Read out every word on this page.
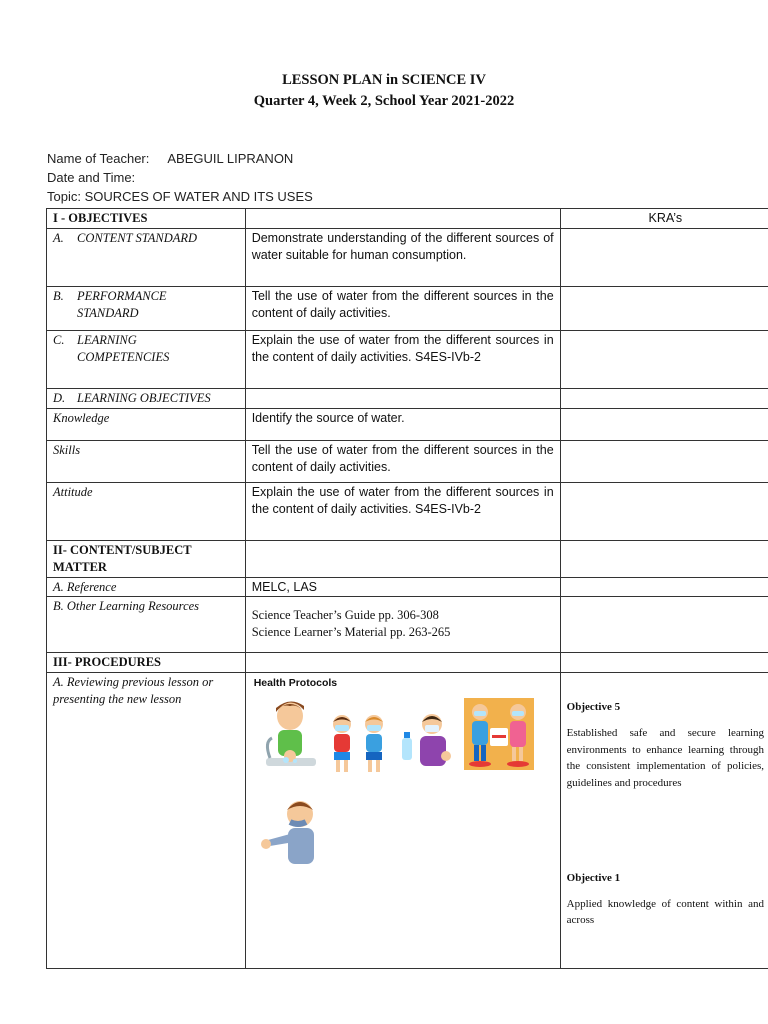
LESSON PLAN in SCIENCE IV
Quarter 4, Week 2, School Year 2021-2022
Name of Teacher: ABEGUIL LIPRANON
Date and Time:
Topic: SOURCES OF WATER AND ITS USES
I - OBJECTIVES		KRA’s
A. CONTENT STANDARD	Demonstrate understanding of the different sources of water suitable for human consumption.	
B. PERFORMANCE STANDARD	Tell the use of water from the different sources in the content of daily activities.	
C. LEARNING COMPETENCIES	Explain the use of water from the different sources in the content of daily activities. S4ES-IVb-2	
D. LEARNING OBJECTIVES		
Knowledge	Identify the source of water.	
Skills	Tell the use of water from the different sources in the content of daily activities.	
Attitude	Explain the use of water from the different sources in the content of daily activities. S4ES-IVb-2	
II- CONTENT/SUBJECT MATTER		
A. Reference	MELC, LAS	
B. Other Learning Resources	Science Teacher’s Guide pp. 306-308
Science Learner’s Material pp. 263-265	

III- PROCEDURES		
A. Reviewing previous lesson or presenting the new lesson	Health Protocols	Objective 5
Established safe and secure learning environments to enhance learning through the consistent implementation of policies, guidelines and procedures
Objective 1
Applied knowledge of content within and across
